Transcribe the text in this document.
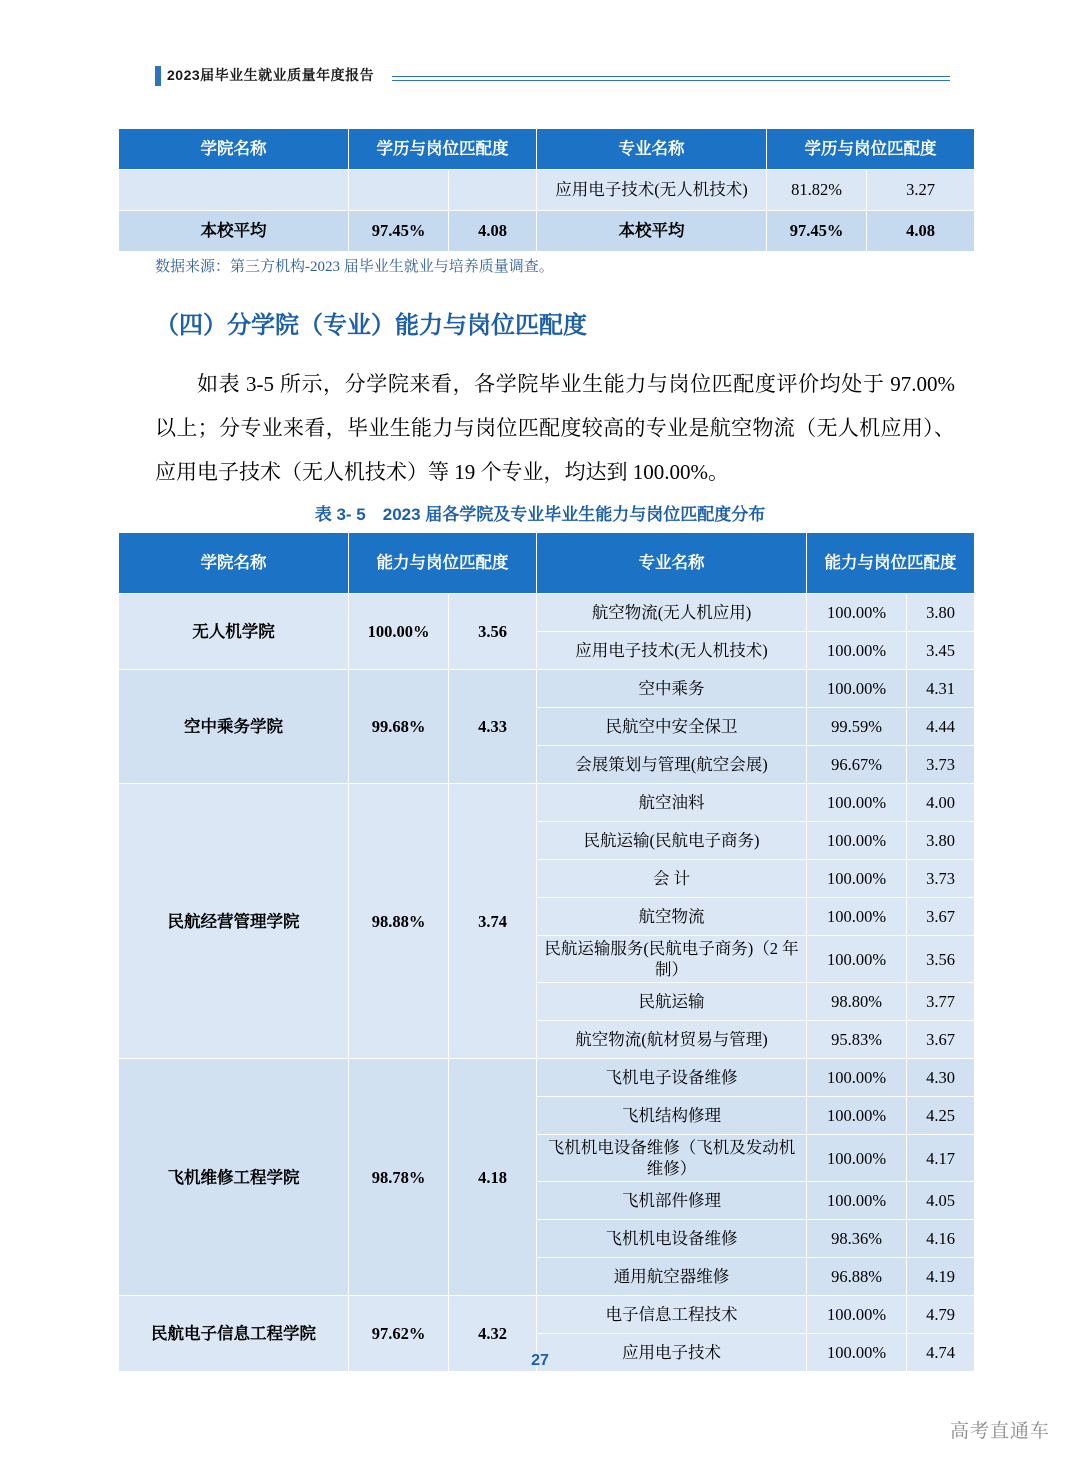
2023届毕业生就业质量年度报告
学院名称	学历与岗位匹配度		专业名称	学历与岗位匹配度	
			应用电子技术(无人机技术)	81.82%	3.27
本校平均	97.45%	4.08	本校平均	97.45%	4.08
数据来源：第三方机构-2023 届毕业生就业与培养质量调查。
（四）分学院（专业）能力与岗位匹配度
如表 3-5 所示，分学院来看，各学院毕业生能力与岗位匹配度评价均处于 97.00% 以上；分专业来看，毕业生能力与岗位匹配度较高的专业是航空物流（无人机应用）、应用电子技术（无人机技术）等 19 个专业，均达到 100.00%。
表 3- 5　2023 届各学院及专业毕业生能力与岗位匹配度分布
学院名称	能力与岗位匹配度		专业名称	能力与岗位匹配度	
无人机学院	100.00%	3.56	航空物流(无人机应用)	100.00%	3.80
			应用电子技术(无人机技术)	100.00%	3.45
空中乘务学院	99.68%	4.33	空中乘务	100.00%	4.31
			民航空中安全保卫	99.59%	4.44
			会展策划与管理(航空会展)	96.67%	3.73
民航经营管理学院	98.88%	3.74	航空油料	100.00%	4.00
			民航运输(民航电子商务)	100.00%	3.80
			会 计	100.00%	3.73
			航空物流	100.00%	3.67
			民航运输服务(民航电子商务)（2 年制）	100.00%	3.56
			民航运输	98.80%	3.77
			航空物流(航材贸易与管理)	95.83%	3.67
飞机维修工程学院	98.78%	4.18	飞机电子设备维修	100.00%	4.30
			飞机结构修理	100.00%	4.25
			飞机机电设备维修（飞机及发动机维修）	100.00%	4.17
			飞机部件修理	100.00%	4.05
			飞机机电设备维修	98.36%	4.16
			通用航空器维修	96.88%	4.19
民航电子信息工程学院	97.62%	4.32	电子信息工程技术	100.00%	4.79
			应用电子技术	100.00%	4.74
27
高考直通车
